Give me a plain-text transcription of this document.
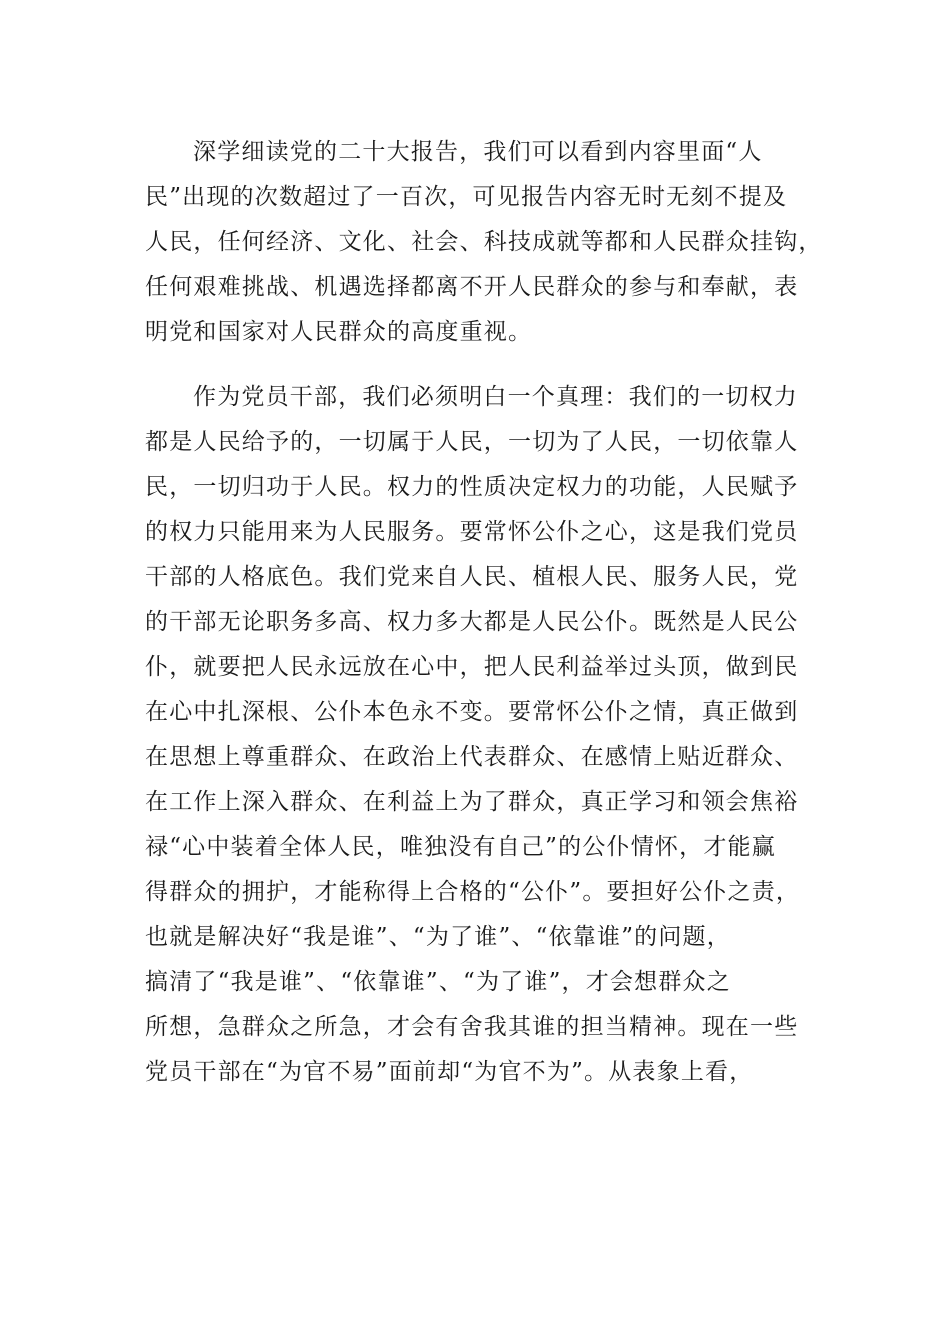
深学细读党的二十大报告，我们可以看到内容里面“人
民”出现的次数超过了一百次，可见报告内容无时无刻不提及
人民，任何经济、文化、社会、科技成就等都和人民群众挂钩，
任何艰难挑战、机遇选择都离不开人民群众的参与和奉献，表
明党和国家对人民群众的高度重视。

作为党员干部，我们必须明白一个真理：我们的一切权力
都是人民给予的，一切属于人民，一切为了人民，一切依靠人
民，一切归功于人民。权力的性质决定权力的功能，人民赋予
的权力只能用来为人民服务。要常怀公仆之心，这是我们党员
干部的人格底色。我们党来自人民、植根人民、服务人民，党
的干部无论职务多高、权力多大都是人民公仆。既然是人民公
仆，就要把人民永远放在心中，把人民利益举过头顶，做到民
在心中扎深根、公仆本色永不变。要常怀公仆之情，真正做到
在思想上尊重群众、在政治上代表群众、在感情上贴近群众、
在工作上深入群众、在利益上为了群众，真正学习和领会焦裕
禄“心中装着全体人民，唯独没有自己”的公仆情怀，才能赢
得群众的拥护，才能称得上合格的“公仆”。要担好公仆之责，
也就是解决好“我是谁”、“为了谁”、“依靠谁”的问题，
搞清了“我是谁”、“依靠谁”、“为了谁”，才会想群众之
所想，急群众之所急，才会有舍我其谁的担当精神。现在一些
党员干部在“为官不易”面前却“为官不为”。从表象上看，
